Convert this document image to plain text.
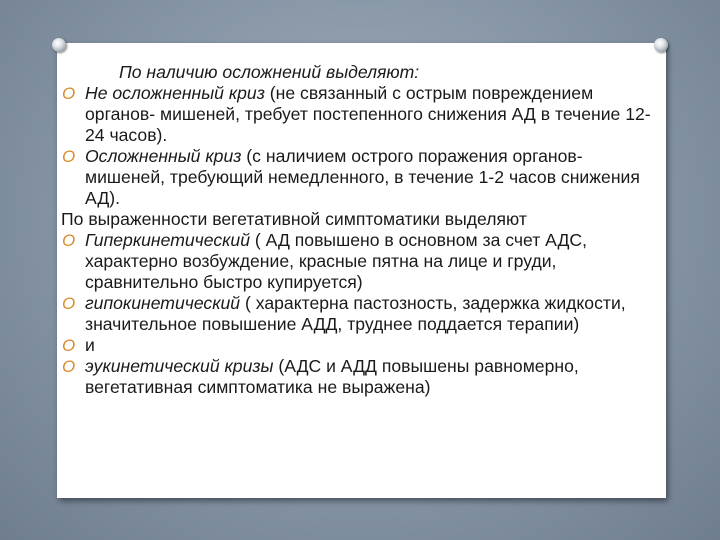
По наличию осложнений выделяют:
O Не осложненный криз (не связанный с острым повреждением органов- мишеней, требует постепенного снижения АД в течение 12-24 часов).
O Осложненный криз (с наличием острого поражения органов-мишеней, требующий немедленного, в течение 1-2 часов снижения АД).
По выраженности вегетативной симптоматики выделяют
O Гиперкинетический ( АД повышено в основном за счет АДС, характерно возбуждение, красные пятна на лице и груди, сравнительно быстро купируется)
O гипокинетический ( характерна пастозность, задержка жидкости, значительное повышение АДД, труднее поддается терапии)
O и
O эукинетический кризы (АДС и АДД повышены равномерно, вегетативная симптоматика не выражена)
